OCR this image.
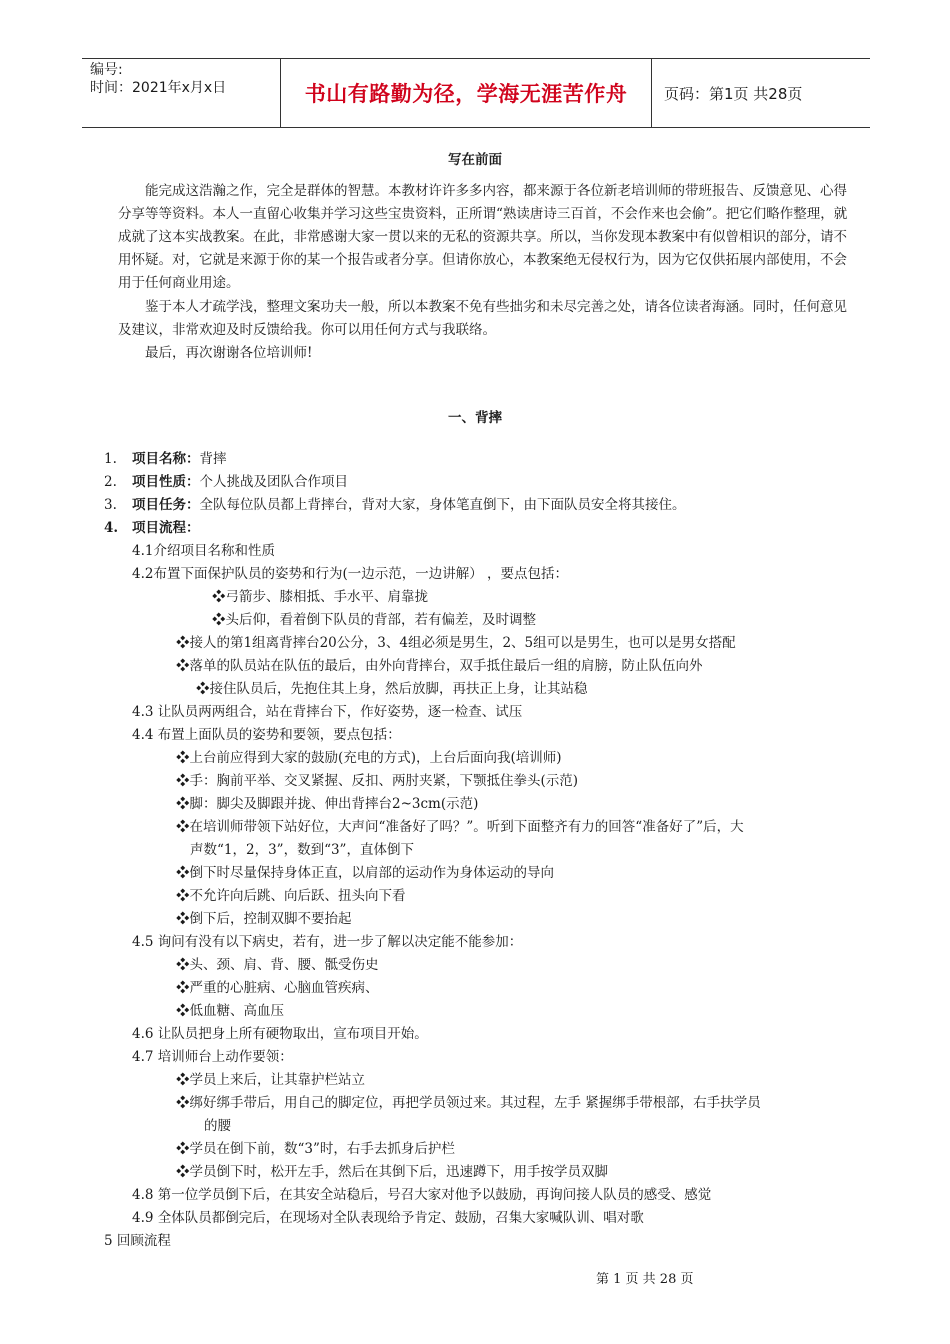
编号:
时间：2021年x月x日	书山有路勤为径，学海无涯苦作舟	页码：第1页 共28页
写在前面

能完成这浩瀚之作，完全是群体的智慧。本教材许许多多内容，都来源于各位新老培训师的带班报告、反馈意见、心得分享等等资料。本人一直留心收集并学习这些宝贵资料，正所谓“熟读唐诗三百首，不会作来也会偷”。把它们略作整理，就成就了这本实战教案。在此，非常感谢大家一贯以来的无私的资源共享。所以，当你发现本教案中有似曾相识的部分，请不用怀疑。对，它就是来源于你的某一个报告或者分享。但请你放心，本教案绝无侵权行为，因为它仅供拓展内部使用，不会用于任何商业用途。

鉴于本人才疏学浅，整理文案功夫一般，所以本教案不免有些拙劣和未尽完善之处，请各位读者海涵。同时，任何意见及建议，非常欢迎及时反馈给我。你可以用任何方式与我联络。

最后，再次谢谢各位培训师!

一、背摔
1. 项目名称：背摔
2. 项目性质：个人挑战及团队合作项目
3. 项目任务：全队每位队员都上背摔台，背对大家，身体笔直倒下，由下面队员安全将其接住。
4. 项目流程：
4.1介绍项目名称和性质
4.2布置下面保护队员的姿势和行为(一边示范，一边讲解） ，要点包括：
❖弓箭步、膝相抵、手水平、肩靠拢
❖头后仰，看着倒下队员的背部，若有偏差，及时调整
❖接人的第1组离背摔台20公分，3、4组必须是男生，2、5组可以是男生，也可以是男女搭配
❖落单的队员站在队伍的最后，由外向背摔台，双手抵住最后一组的肩膀，防止队伍向外
❖接住队员后，先抱住其上身，然后放脚，再扶正上身，让其站稳
4.3 让队员两两组合，站在背摔台下，作好姿势，逐一检查、试压
4.4 布置上面队员的姿势和要领，要点包括：
❖上台前应得到大家的鼓励(充电的方式)，上台后面向我(培训师)
❖手：胸前平举、交叉紧握、反扣、两肘夹紧，下颚抵住拳头(示范)
❖脚：脚尖及脚跟并拢、伸出背摔台2~3cm(示范)
❖在培训师带领下站好位，大声问“准备好了吗？”。听到下面整齐有力的回答“准备好了”后，大
声数“1，2，3”，数到“3”，直体倒下
❖倒下时尽量保持身体正直，以肩部的运动作为身体运动的导向
❖不允许向后跳、向后跃、扭头向下看
❖倒下后，控制双脚不要抬起
4.5 询问有没有以下病史，若有，进一步了解以决定能不能参加：
❖头、颈、肩、背、腰、骶受伤史
❖严重的心脏病、心脑血管疾病、
❖低血糖、高血压
4.6 让队员把身上所有硬物取出，宣布项目开始。
4.7 培训师台上动作要领：
❖学员上来后，让其靠护栏站立
❖绑好绑手带后，用自己的脚定位，再把学员领过来。其过程，左手 紧握绑手带根部，右手扶学员
的腰
❖学员在倒下前，数“3”时，右手去抓身后护栏
❖学员倒下时，松开左手，然后在其倒下后，迅速蹲下，用手按学员双脚
4.8 第一位学员倒下后，在其安全站稳后，号召大家对他予以鼓励，再询问接人队员的感受、感觉
4.9 全体队员都倒完后，在现场对全队表现给予肯定、鼓励，召集大家喊队训、唱对歌
5 回顾流程
第 1 页 共 28 页
